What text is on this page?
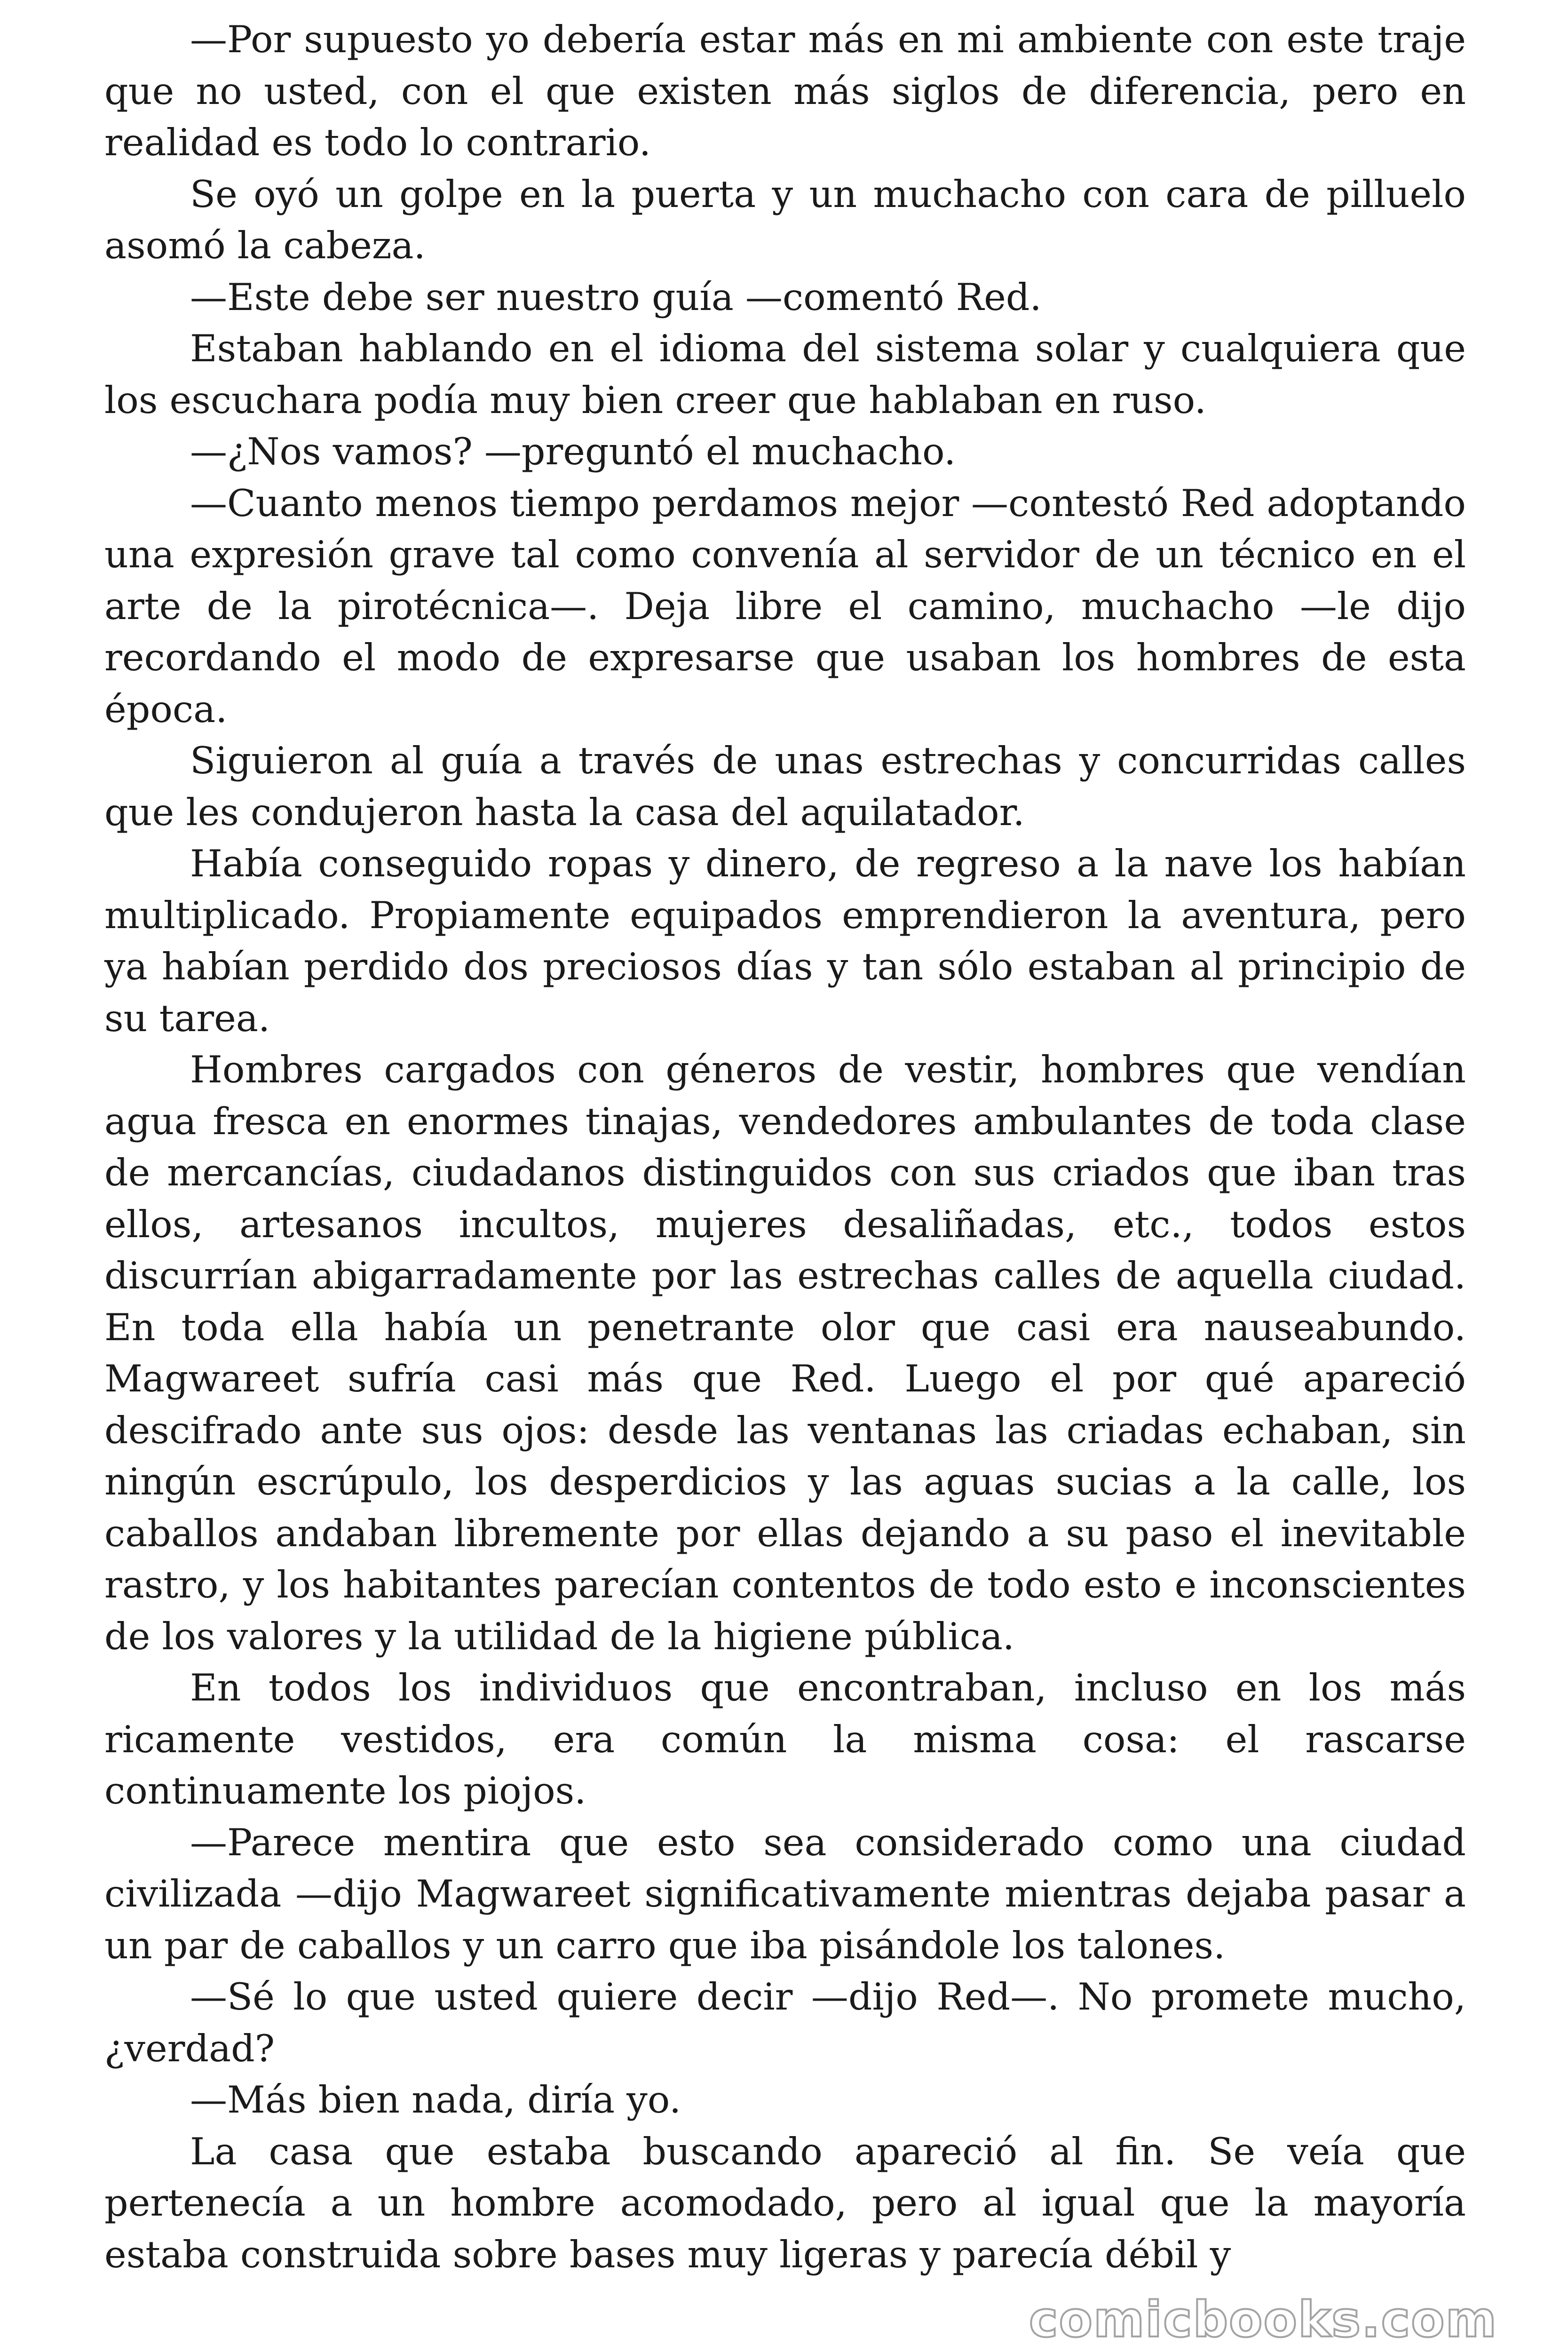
—Por supuesto yo debería estar más en mi ambiente con este traje que no usted, con el que existen más siglos de diferencia, pero en realidad es todo lo contrario.

Se oyó un golpe en la puerta y un muchacho con cara de pilluelo asomó la cabeza.

—Este debe ser nuestro guía —comentó Red.

Estaban hablando en el idioma del sistema solar y cualquiera que los escuchara podía muy bien creer que hablaban en ruso.

—¿Nos vamos? —preguntó el muchacho.

—Cuanto menos tiempo perdamos mejor —contestó Red adoptando una expresión grave tal como convenía al servidor de un técnico en el arte de la pirotécnica—. Deja libre el camino, muchacho —le dijo recordando el modo de expresarse que usaban los hombres de esta época.

Siguieron al guía a través de unas estrechas y concurridas calles que les condujeron hasta la casa del aquilatador.

Había conseguido ropas y dinero, de regreso a la nave los habían multiplicado. Propiamente equipados emprendieron la aventura, pero ya habían perdido dos preciosos días y tan sólo estaban al principio de su tarea.

Hombres cargados con géneros de vestir, hombres que vendían agua fresca en enormes tinajas, vendedores ambulantes de toda clase de mercancías, ciudadanos distinguidos con sus criados que iban tras ellos, artesanos incultos, mujeres desaliñadas, etc., todos estos discurrían abigarradamente por las estrechas calles de aquella ciudad. En toda ella había un penetrante olor que casi era nauseabundo. Magwareet sufría casi más que Red. Luego el por qué apareció descifrado ante sus ojos: desde las ventanas las criadas echaban, sin ningún escrúpulo, los desperdicios y las aguas sucias a la calle, los caballos andaban libremente por ellas dejando a su paso el inevitable rastro, y los habitantes parecían contentos de todo esto e inconscientes de los valores y la utilidad de la higiene pública.

En todos los individuos que encontraban, incluso en los más ricamente vestidos, era común la misma cosa: el rascarse continuamente los piojos.

—Parece mentira que esto sea considerado como una ciudad civilizada —dijo Magwareet significativamente mientras dejaba pasar a un par de caballos y un carro que iba pisándole los talones.

—Sé lo que usted quiere decir —dijo Red—. No promete mucho, ¿verdad?

—Más bien nada, diría yo.

La casa que estaba buscando apareció al fin. Se veía que pertenecía a un hombre acomodado, pero al igual que la mayoría estaba construida sobre bases muy ligeras y parecía débil y

comicbooks.com
